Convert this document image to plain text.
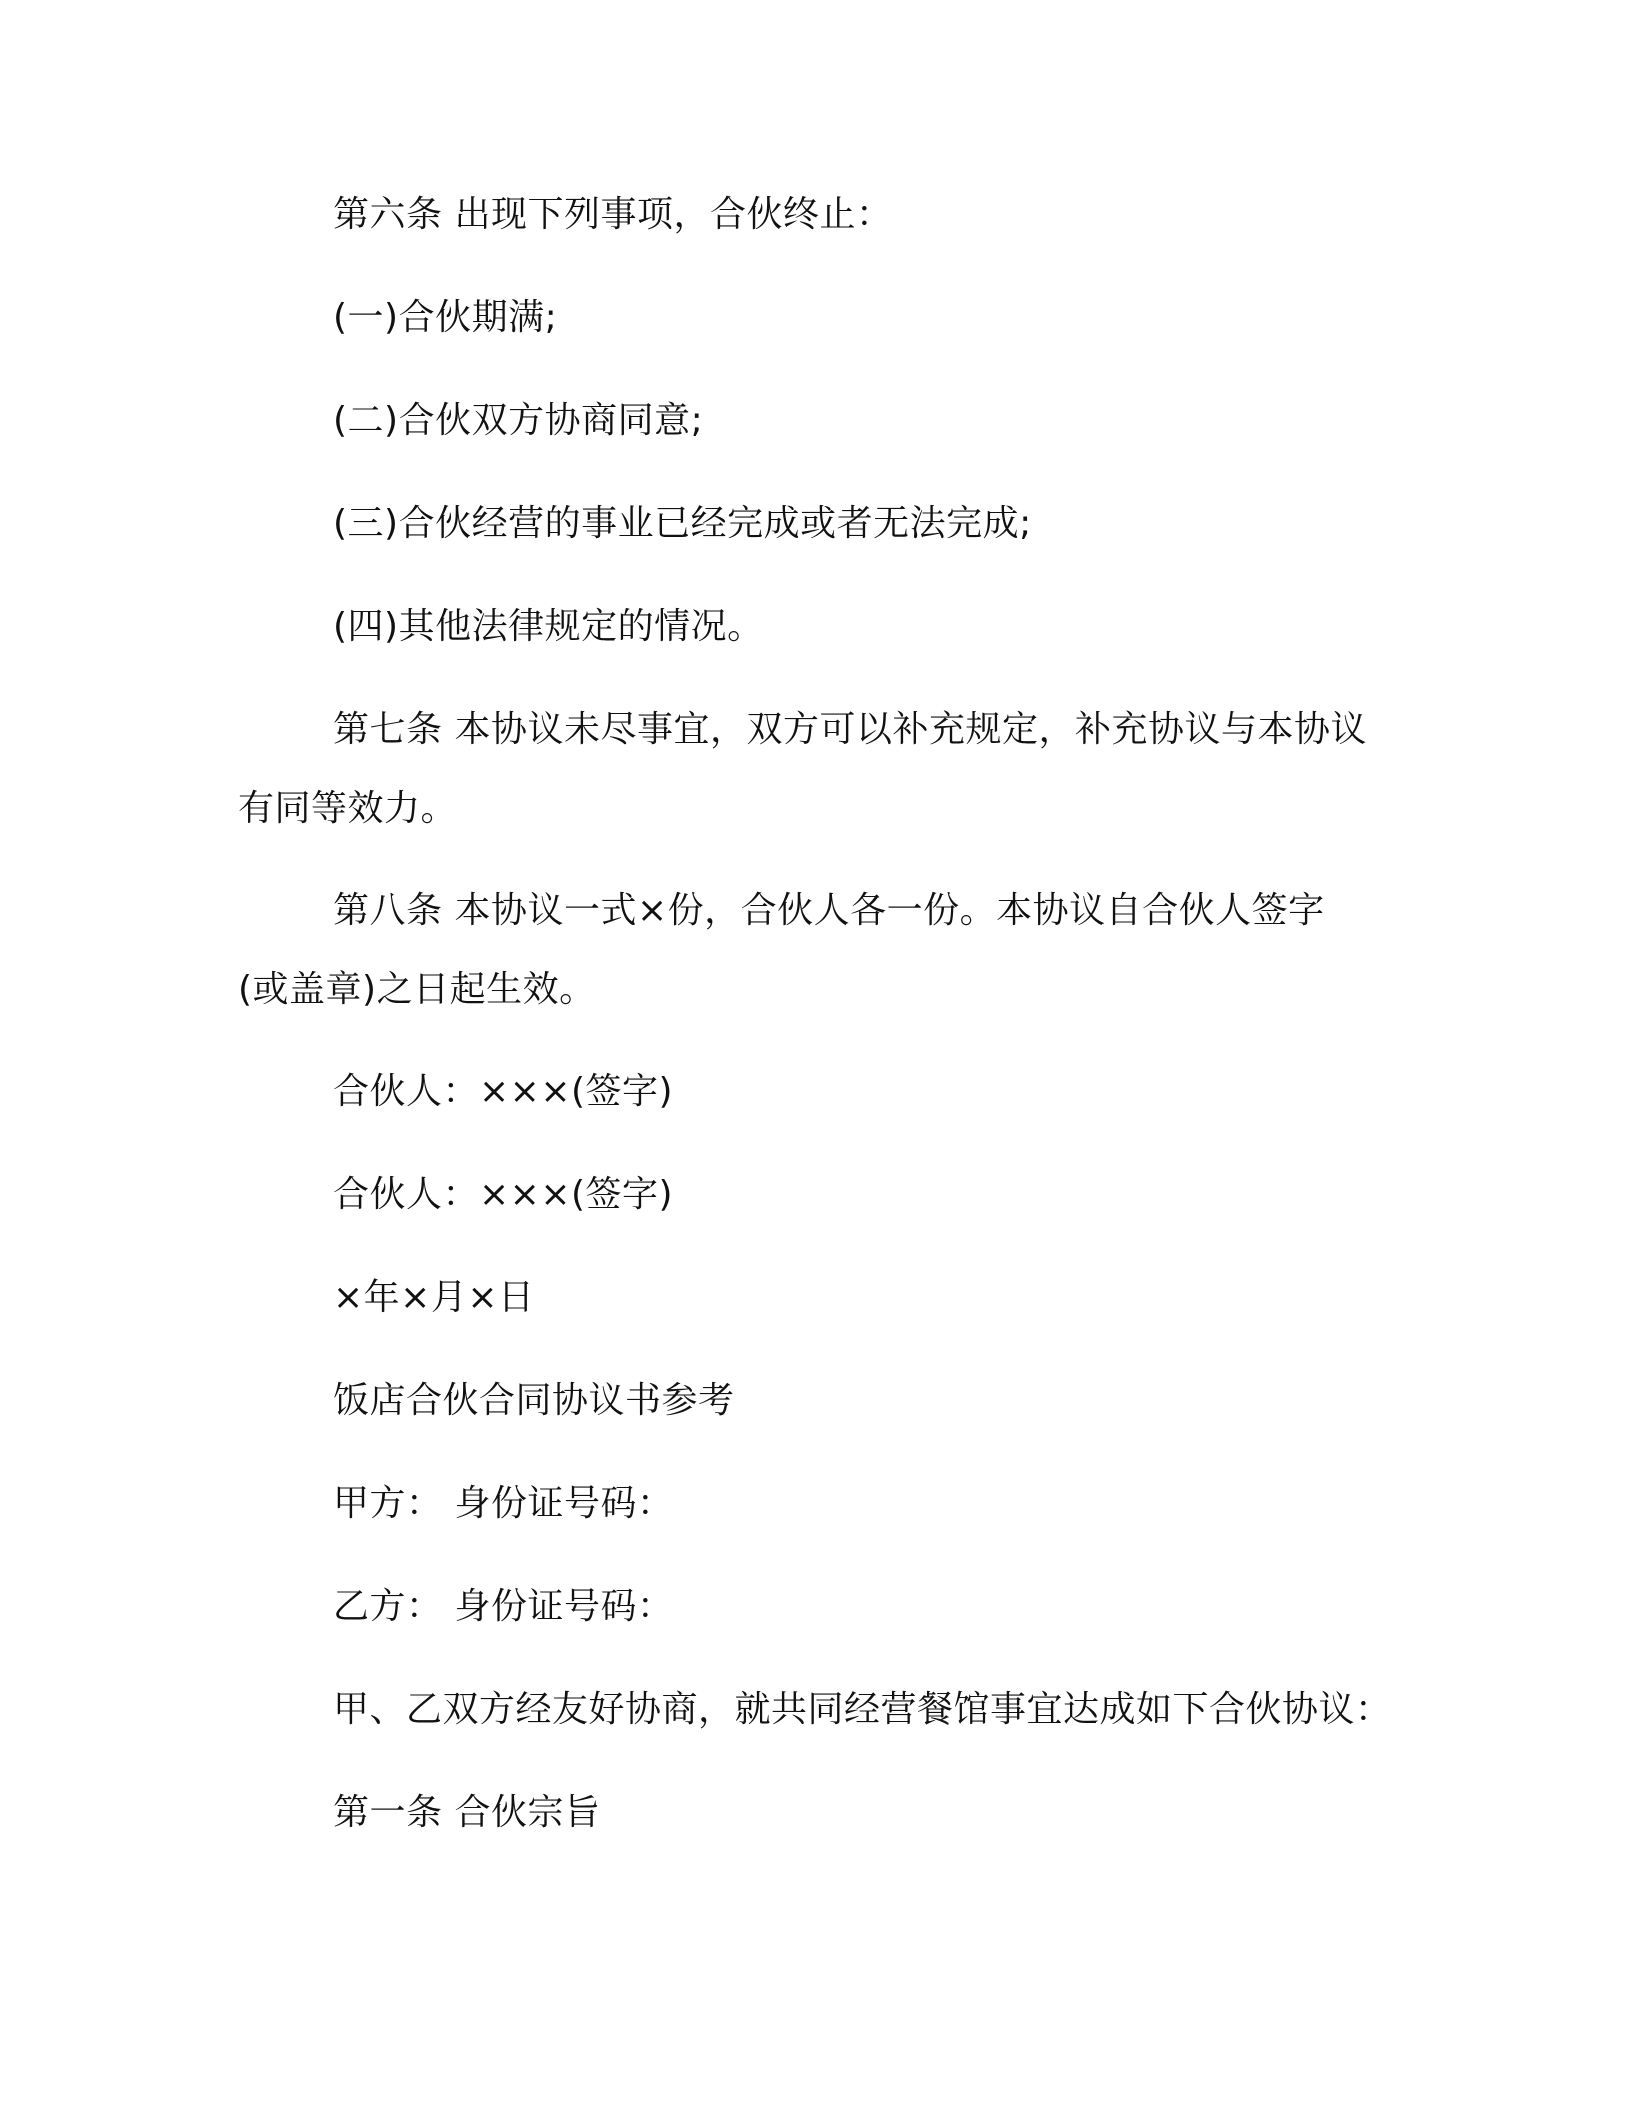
第六条 出现下列事项，合伙终止：
(一)合伙期满;
(二)合伙双方协商同意;
(三)合伙经营的事业已经完成或者无法完成;
(四)其他法律规定的情况。
第七条 本协议未尽事宜，双方可以补充规定，补充协议与本协议
有同等效力。
第八条 本协议一式×份，合伙人各一份。本协议自合伙人签字
(或盖章)之日起生效。
合伙人：×××(签字)
合伙人：×××(签字)
×年×月×日
饭店合伙合同协议书参考
甲方： 身份证号码：
乙方： 身份证号码：
甲、乙双方经友好协商，就共同经营餐馆事宜达成如下合伙协议：
第一条 合伙宗旨
